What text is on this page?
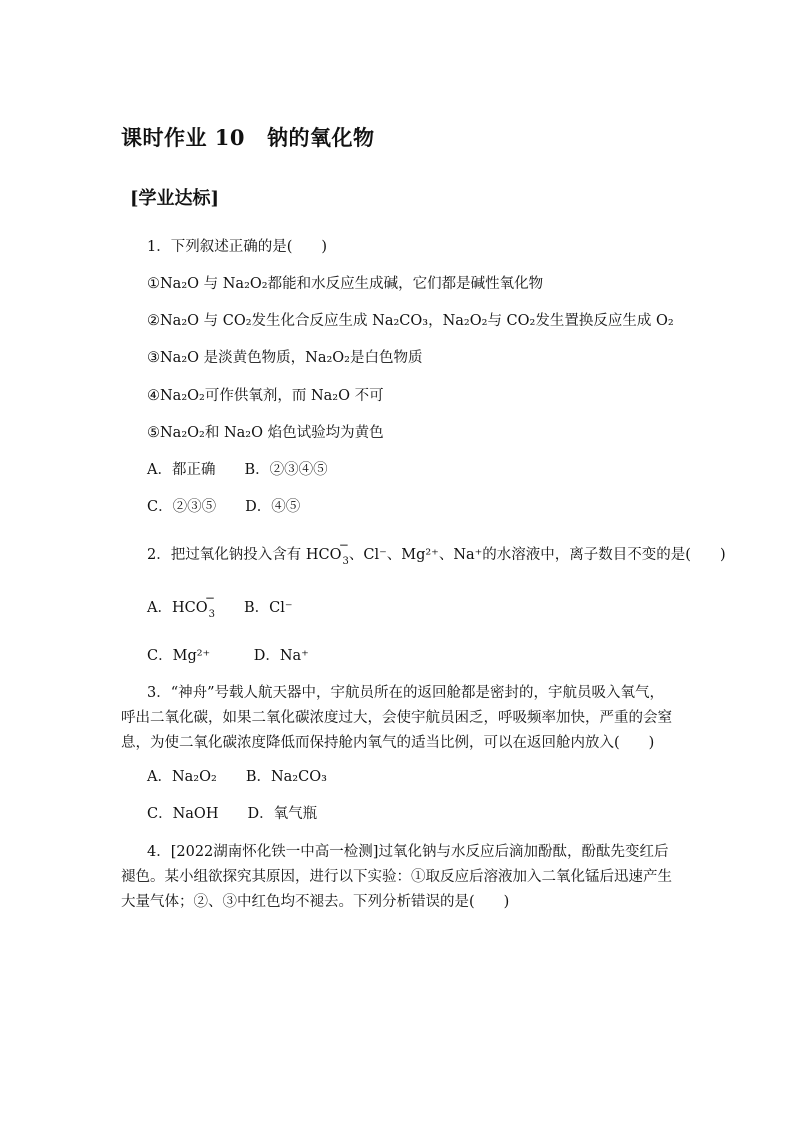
课时作业 10 钠的氧化物
[学业达标]
1．下列叙述正确的是(　　)
①Na₂O 与 Na₂O₂都能和水反应生成碱，它们都是碱性氧化物
②Na₂O 与 CO₂发生化合反应生成 Na₂CO₃，Na₂O₂与 CO₂发生置换反应生成 O₂
③Na₂O 是淡黄色物质，Na₂O₂是白色物质
④Na₂O₂可作供氧剂，而 Na₂O 不可
⑤Na₂O₂和 Na₂O 焰色试验均为黄色
A．都正确　　B．②③④⑤
C．②③⑤　　D．④⑤
2．把过氧化钠投入含有 HCO
−
$_3$、Cl⁻、Mg²⁺、Na⁺的水溶液中，离子数目不变的是(　　)
A．HCO
−
$_3$　　B．Cl⁻
C．Mg²⁺　　　D．Na⁺
3．“神舟”号载人航天器中，宇航员所在的返回舱都是密封的，宇航员吸入氧气，呼出二氧化碳，如果二氧化碳浓度过大，会使宇航员困乏，呼吸频率加快，严重的会窒息，为使二氧化碳浓度降低而保持舱内氧气的适当比例，可以在返回舱内放入(　　)
A．Na₂O₂　　B．Na₂CO₃
C．NaOH　　D．氧气瓶
4．[2022湖南怀化铁一中高一检测]过氧化钠与水反应后滴加酚酞，酚酞先变红后褪色。某小组欲探究其原因，进行以下实验：①取反应后溶液加入二氧化锰后迅速产生大量气体；②、③中红色均不褪去。下列分析错误的是(　　)
